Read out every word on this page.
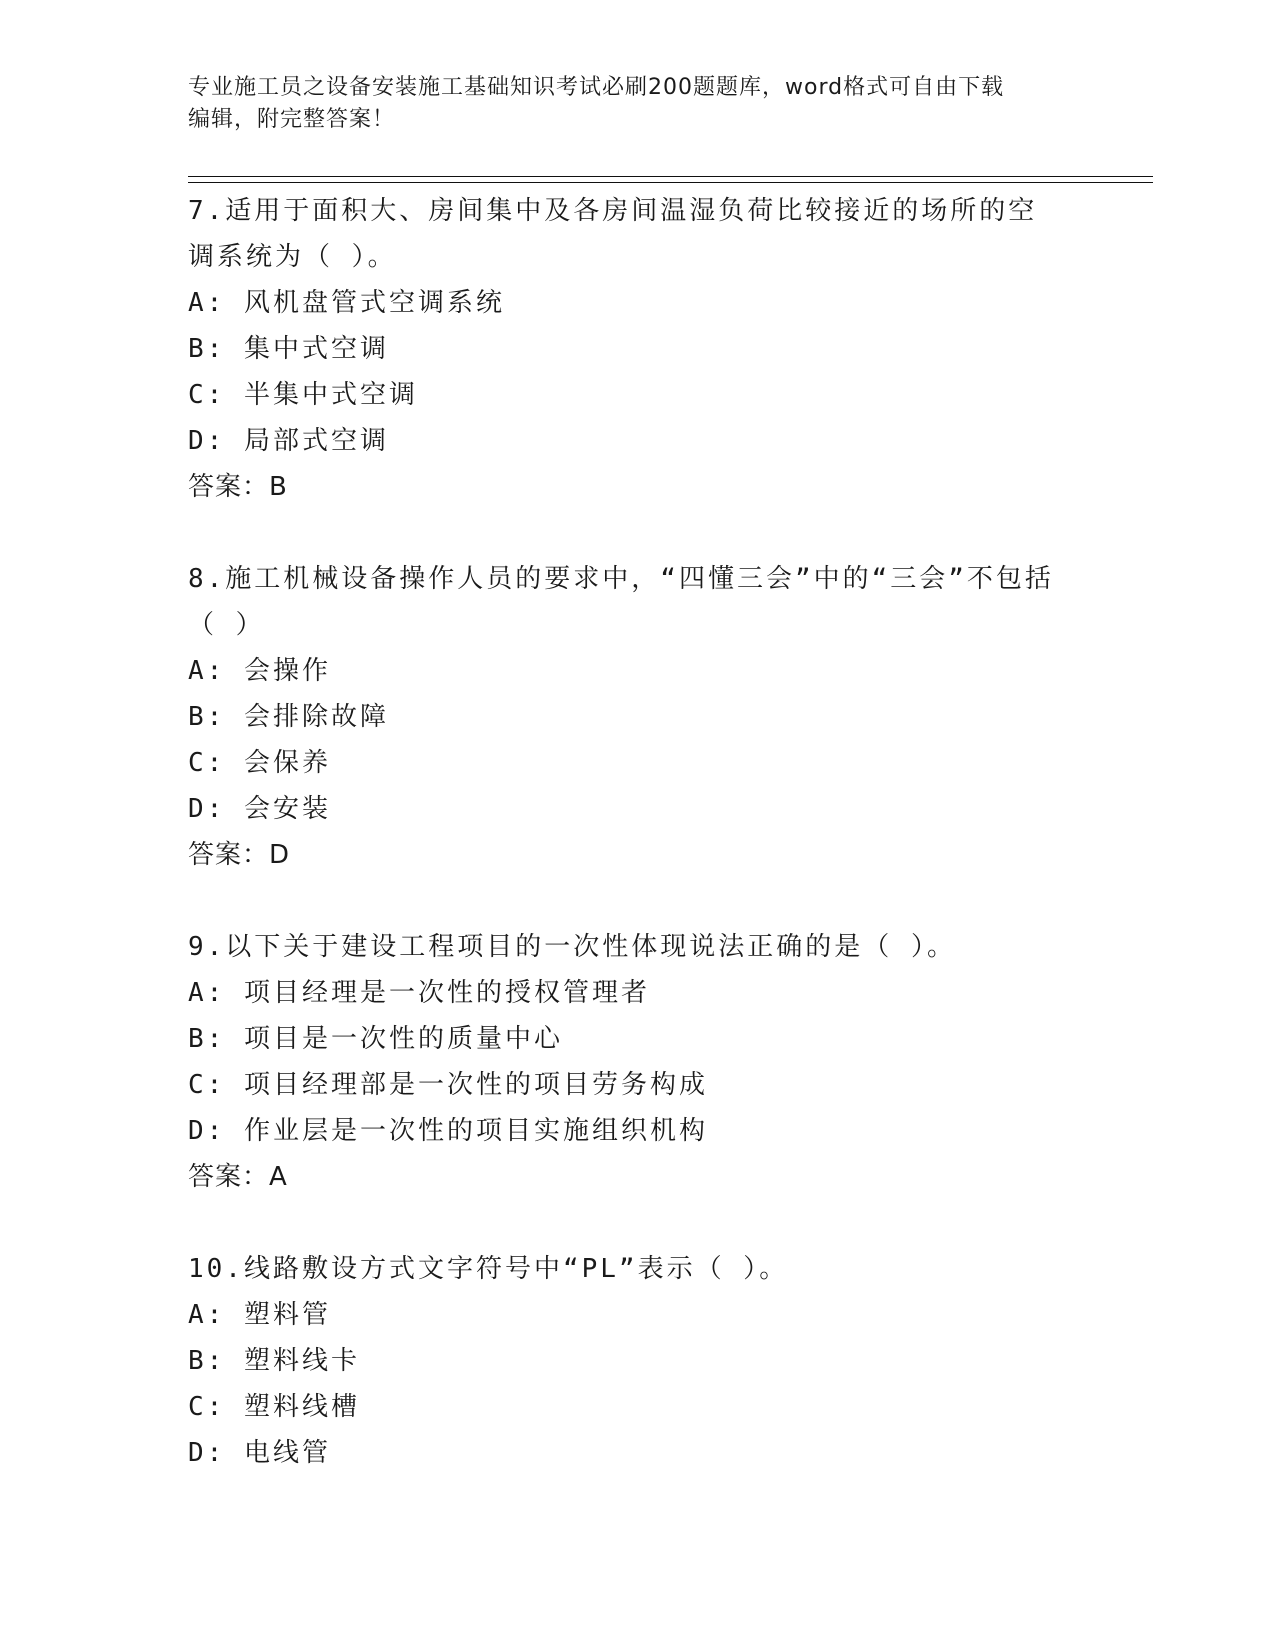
专业施工员之设备安装施工基础知识考试必刷200题题库，word格式可自由下载
编辑，附完整答案！
7.适用于面积大、房间集中及各房间温湿负荷比较接近的场所的空调系统为（ ）。
A: 风机盘管式空调系统
B: 集中式空调
C: 半集中式空调
D: 局部式空调
答案：B
8.施工机械设备操作人员的要求中，“四懂三会”中的“三会”不包括（ ）
A: 会操作
B: 会排除故障
C: 会保养
D: 会安装
答案：D
9.以下关于建设工程项目的一次性体现说法正确的是（ ）。
A: 项目经理是一次性的授权管理者
B: 项目是一次性的质量中心
C: 项目经理部是一次性的项目劳务构成
D: 作业层是一次性的项目实施组织机构
答案：A
10.线路敷设方式文字符号中“PL”表示（ ）。
A: 塑料管
B: 塑料线卡
C: 塑料线槽
D: 电线管
